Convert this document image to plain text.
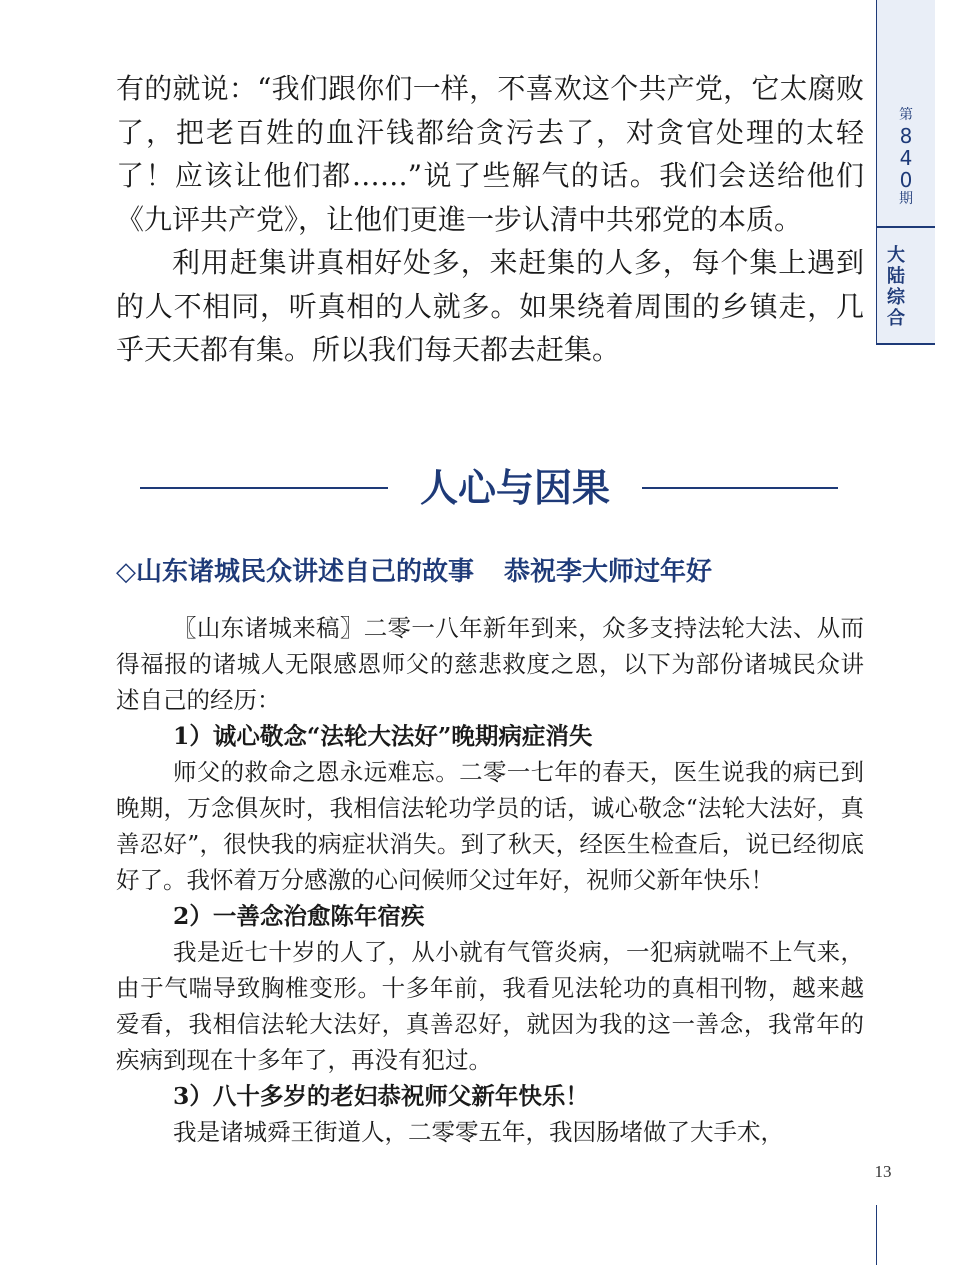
第
8
4
0
期
大
陆
综
合
13

有的就说：“我们跟你们一样，不喜欢这个共产党，它太腐败了，把老百姓的血汗钱都给贪污去了，对贪官处理的太轻了！应该让他们都……”说了些解气的话。我们会送给他们《九评共产党》，让他们更進一步认清中共邪党的本质。

利用赶集讲真相好处多，来赶集的人多，每个集上遇到的人不相同，听真相的人就多。如果绕着周围的乡镇走，几乎天天都有集。所以我们每天都去赶集。

人心与因果
◇山东诸城民众讲述自己的故事 恭祝李大师过年好

〖山东诸城来稿〗二零一八年新年到来，众多支持法轮大法、从而得福报的诸城人无限感恩师父的慈悲救度之恩，以下为部份诸城民众讲述自己的经历：

1）诚心敬念“法轮大法好”晚期病症消失

师父的救命之恩永远难忘。二零一七年的春天，医生说我的病已到晚期，万念俱灰时，我相信法轮功学员的话，诚心敬念“法轮大法好，真善忍好”，很快我的病症状消失。到了秋天，经医生检查后，说已经彻底好了。我怀着万分感激的心问候师父过年好，祝师父新年快乐！

2）一善念治愈陈年宿疾

我是近七十岁的人了，从小就有气管炎病，一犯病就喘不上气来，由于气喘导致胸椎变形。十多年前，我看见法轮功的真相刊物，越来越爱看，我相信法轮大法好，真善忍好，就因为我的这一善念，我常年的疾病到现在十多年了，再没有犯过。

3）八十多岁的老妇恭祝师父新年快乐！

我是诸城舜王街道人，二零零五年，我因肠堵做了大手术，
